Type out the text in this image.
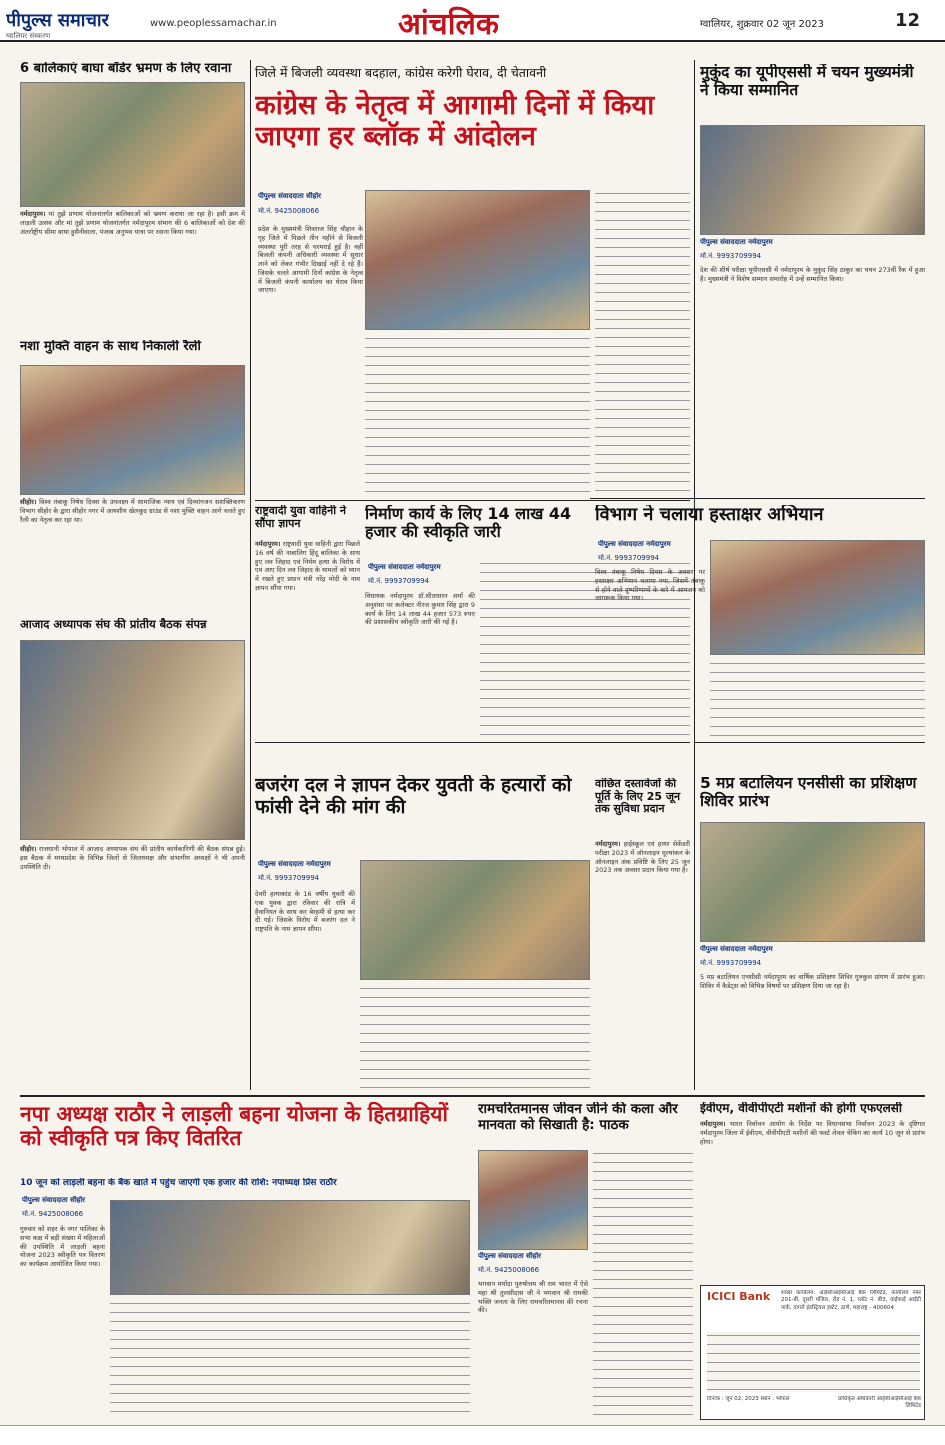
पीपुल्स समाचार
ग्वालियर संस्करण
www.peoplessamachar.in	आंचलिक	ग्वालियर, शुक्रवार 02 जून 2023	12
6 बालिकाएं बाघा बॉर्डर भ्रमण के लिए रवाना
नर्मदापुरम। मां तुझे प्रणाम योजनांतर्गत बालिकाओं को भ्रमण कराया जा रहा है। इसी क्रम में लाड़ली उत्सव और मां तुझे प्रणाम योजनांतर्गत नर्मदापुरम संभाग की 6 बालिकाओं को देश की अंतर्राष्ट्रीय सीमा बाघा हुसैनीवाला, पंजाब अनुभव यात्रा पर रवाना किया गया।
नशा मुक्ति वाहन के साथ निकाली रैली
सीहोर। विश्व तंबाकू निषेध दिवस के उपलक्ष्य में सामाजिक न्याय एवं दिव्यांगजन सशक्तिकरण विभाग सीहोर के द्वारा सीहोर नगर में आयशीय खेलकूद ग्राउंड से नशा मुक्ति वाहन आगे चलते हुए रैली का नेतृत्व कर रहा था।
आजाद अध्यापक संघ की प्रांतीय बैठक संपन्न
सीहोर। राजधानी भोपाल में आजाद अध्यापक संघ की प्रांतीय कार्यकारिणी की बैठक संपन्न हुई। इस बैठक में मध्यप्रदेश के विभिन्न जिलों से जिलाध्यक्ष और संभागीय अध्यक्षों ने भी अपनी उपस्थिति दी।
जिले में बिजली व्यवस्था बदहाल, कांग्रेस करेगी घेराव, दी चेतावनी
कांग्रेस के नेतृत्व में आगामी दिनों में किया जाएगा हर ब्लॉक में आंदोलन
पीपुल्स संवाददाता सीहोर
मो.नं. 9425008066
प्रदेश के मुख्यमंत्री शिवराज सिंह चौहान के गृह जिले में पिछले तीन महीने से बिजली व्यवस्था पूरी तरह से चरमराई हुई है। वहीं बिजली कंपनी अधिकारी व्यवस्था में सुधार लाने को लेकर गंभीर दिखाई नहीं दे रहे हैं। जिसके चलते आगामी दिनों कांग्रेस के नेतृत्व में बिजली कंपनी कार्यालय का घेराव किया जाएगा।
राष्ट्रवादी युवा वाहिनी ने सौंपा ज्ञापन
नर्मदापुरम। राष्ट्रवादी युवा वाहिनी द्वारा पिछले 16 वर्ष की नाबालिग हिंदू बालिका के साथ हुए लव जिहाद एवं निर्मम हत्या के विरोध में एवं आए दिन लव जिहाद के मामलों को ध्यान में रखते हुए प्रधान मंत्री नरेंद्र मोदी के नाम ज्ञापन सौंपा गया।
निर्माण कार्य के लिए 14 लाख 44 हजार की स्वीकृति जारी
पीपुल्स संवाददाता नर्मदापुरम
मो.नं. 9993709994
विधायक नर्मदापुरम डॉ.सीतासरन शर्मा की अनुशंसा पर कलेक्टर नीरज कुमार सिंह द्वारा 9 कार्य के लिए 14 लाख 44 हजार 573 रुपए की प्रशासकीय स्वीकृति जारी की गई है।
बजरंग दल ने ज्ञापन देकर युवती के हत्यारों को फांसी देने की मांग की
पीपुल्स संवाददाता नर्मदापुरम
मो.नं. 9993709994
देवरी हत्याकांड के 16 वर्षीय युवती की एक युवक द्वारा रविवार की रात्रि में हैवानियत के साथ कर बेरहमी से हत्या कर दी गई। जिसके विरोध में बजरंग दल ने राष्ट्रपति के नाम ज्ञापन सौंपा।
वांछित दस्तावेजों की पूर्ति के लिए 25 जून तक सुविधा प्रदान
नर्मदापुरम। हाईस्कूल एवं हायर सेकेंडरी परीक्षा 2023 में ऑनलाइन मूल्यांकन के ऑनलाइन अंक प्रविष्टि के लिए 25 जून 2023 तक अवसर प्रदान किया गया है।
मुकुंद का यूपीएससी में चयन मुख्यमंत्री ने किया सम्मानित
पीपुल्स संवाददाता नर्मदापुरम
मो.नं. 9993709994
देश की शीर्ष परीक्षा यूपीएससी में नर्मदापुरम के मुकुंद सिंह ठाकुर का चयन 273वीं रैंक में हुआ है। मुख्यमंत्री ने विशेष सम्मान समारोह में उन्हें सम्मानित किया।
विभाग ने चलाया हस्ताक्षर अभियान
पीपुल्स संवाददाता नर्मदापुरम
मो.नं. 9993709994
विश्व तंबाकू निषेध दिवस के अवसर पर हस्ताक्षर अभियान चलाया गया, जिसमें तंबाकू से होने वाले दुष्परिणामों के बारे में आमजन को जागरूक किया गया।
5 मप्र बटालियन एनसीसी का प्रशिक्षण शिविर प्रारंभ
पीपुल्स संवाददाता नर्मदापुरम
मो.नं. 9993709994
5 मप्र बटालियन एनसीसी नर्मदापुरम का वार्षिक प्रशिक्षण शिविर गुरुकुल प्रांगण में प्रारंभ हुआ। शिविर में कैडेट्स को विभिन्न विषयों पर प्रशिक्षण दिया जा रहा है।
नपा अध्यक्ष राठौर ने लाड़ली बहना योजना के हितग्राहियों को स्वीकृति पत्र किए वितरित
10 जून को लाड़ली बहना के बैंक खाते में पहुंच जाएगी एक हजार की राशि: नपाध्यक्ष प्रिंस राठौर
पीपुल्स संवाददाता सीहोर
मो.नं. 9425008066
गुरुवार को शहर के नगर पालिका के सभा कक्ष में बड़ी संख्या में महिलाओं की उपस्थिति में लाड़ली बहना योजना 2023 स्वीकृति पत्र वितरण का कार्यक्रम आयोजित किया गया।
रामचरितमानस जीवन जीने की कला और मानवता को सिखाती है: पाठक
पीपुल्स संवाददाता सीहोर
मो.नं. 9425008066
भगवान मर्यादा पुरुषोत्तम श्री राम भारत में ऐसे महा श्री तुलसीदास जी ने भगवान श्री रामकी भक्ति जनता के लिए रामचरितमानस की रचना की।
ईवीएम, वीवीपीएटी मशीनों की होगी एफएलसी
नर्मदापुरम। भारत निर्वाचन आयोग के निर्देश पर विधानसभा निर्वाचन 2023 के दृष्टिगत नर्मदापुरम जिला में ईवीएम, वीवीपीएटी मशीनों की फर्स्ट लेवल चेकिंग का कार्य 10 जून से प्रारंभ होगा।
ICICI Bank शाखा कार्यालय: आईसीआईसीआई बैंक लिमिटेड, कार्यालय नंबर 201-बी, दूसरी मंजिल, रोड नं. 1, प्लॉट नं. बी3, वाईफाई आईटी पार्क, वागले इंडस्ट्रियल इस्टेट, ठाणे, महाराष्ट्र - 400604
दिनांक : जून 02, 2023 स्थान : भोपाल	प्राधिकृत अधिकारी आईसीआईसीआई बैंक लिमिटेड
